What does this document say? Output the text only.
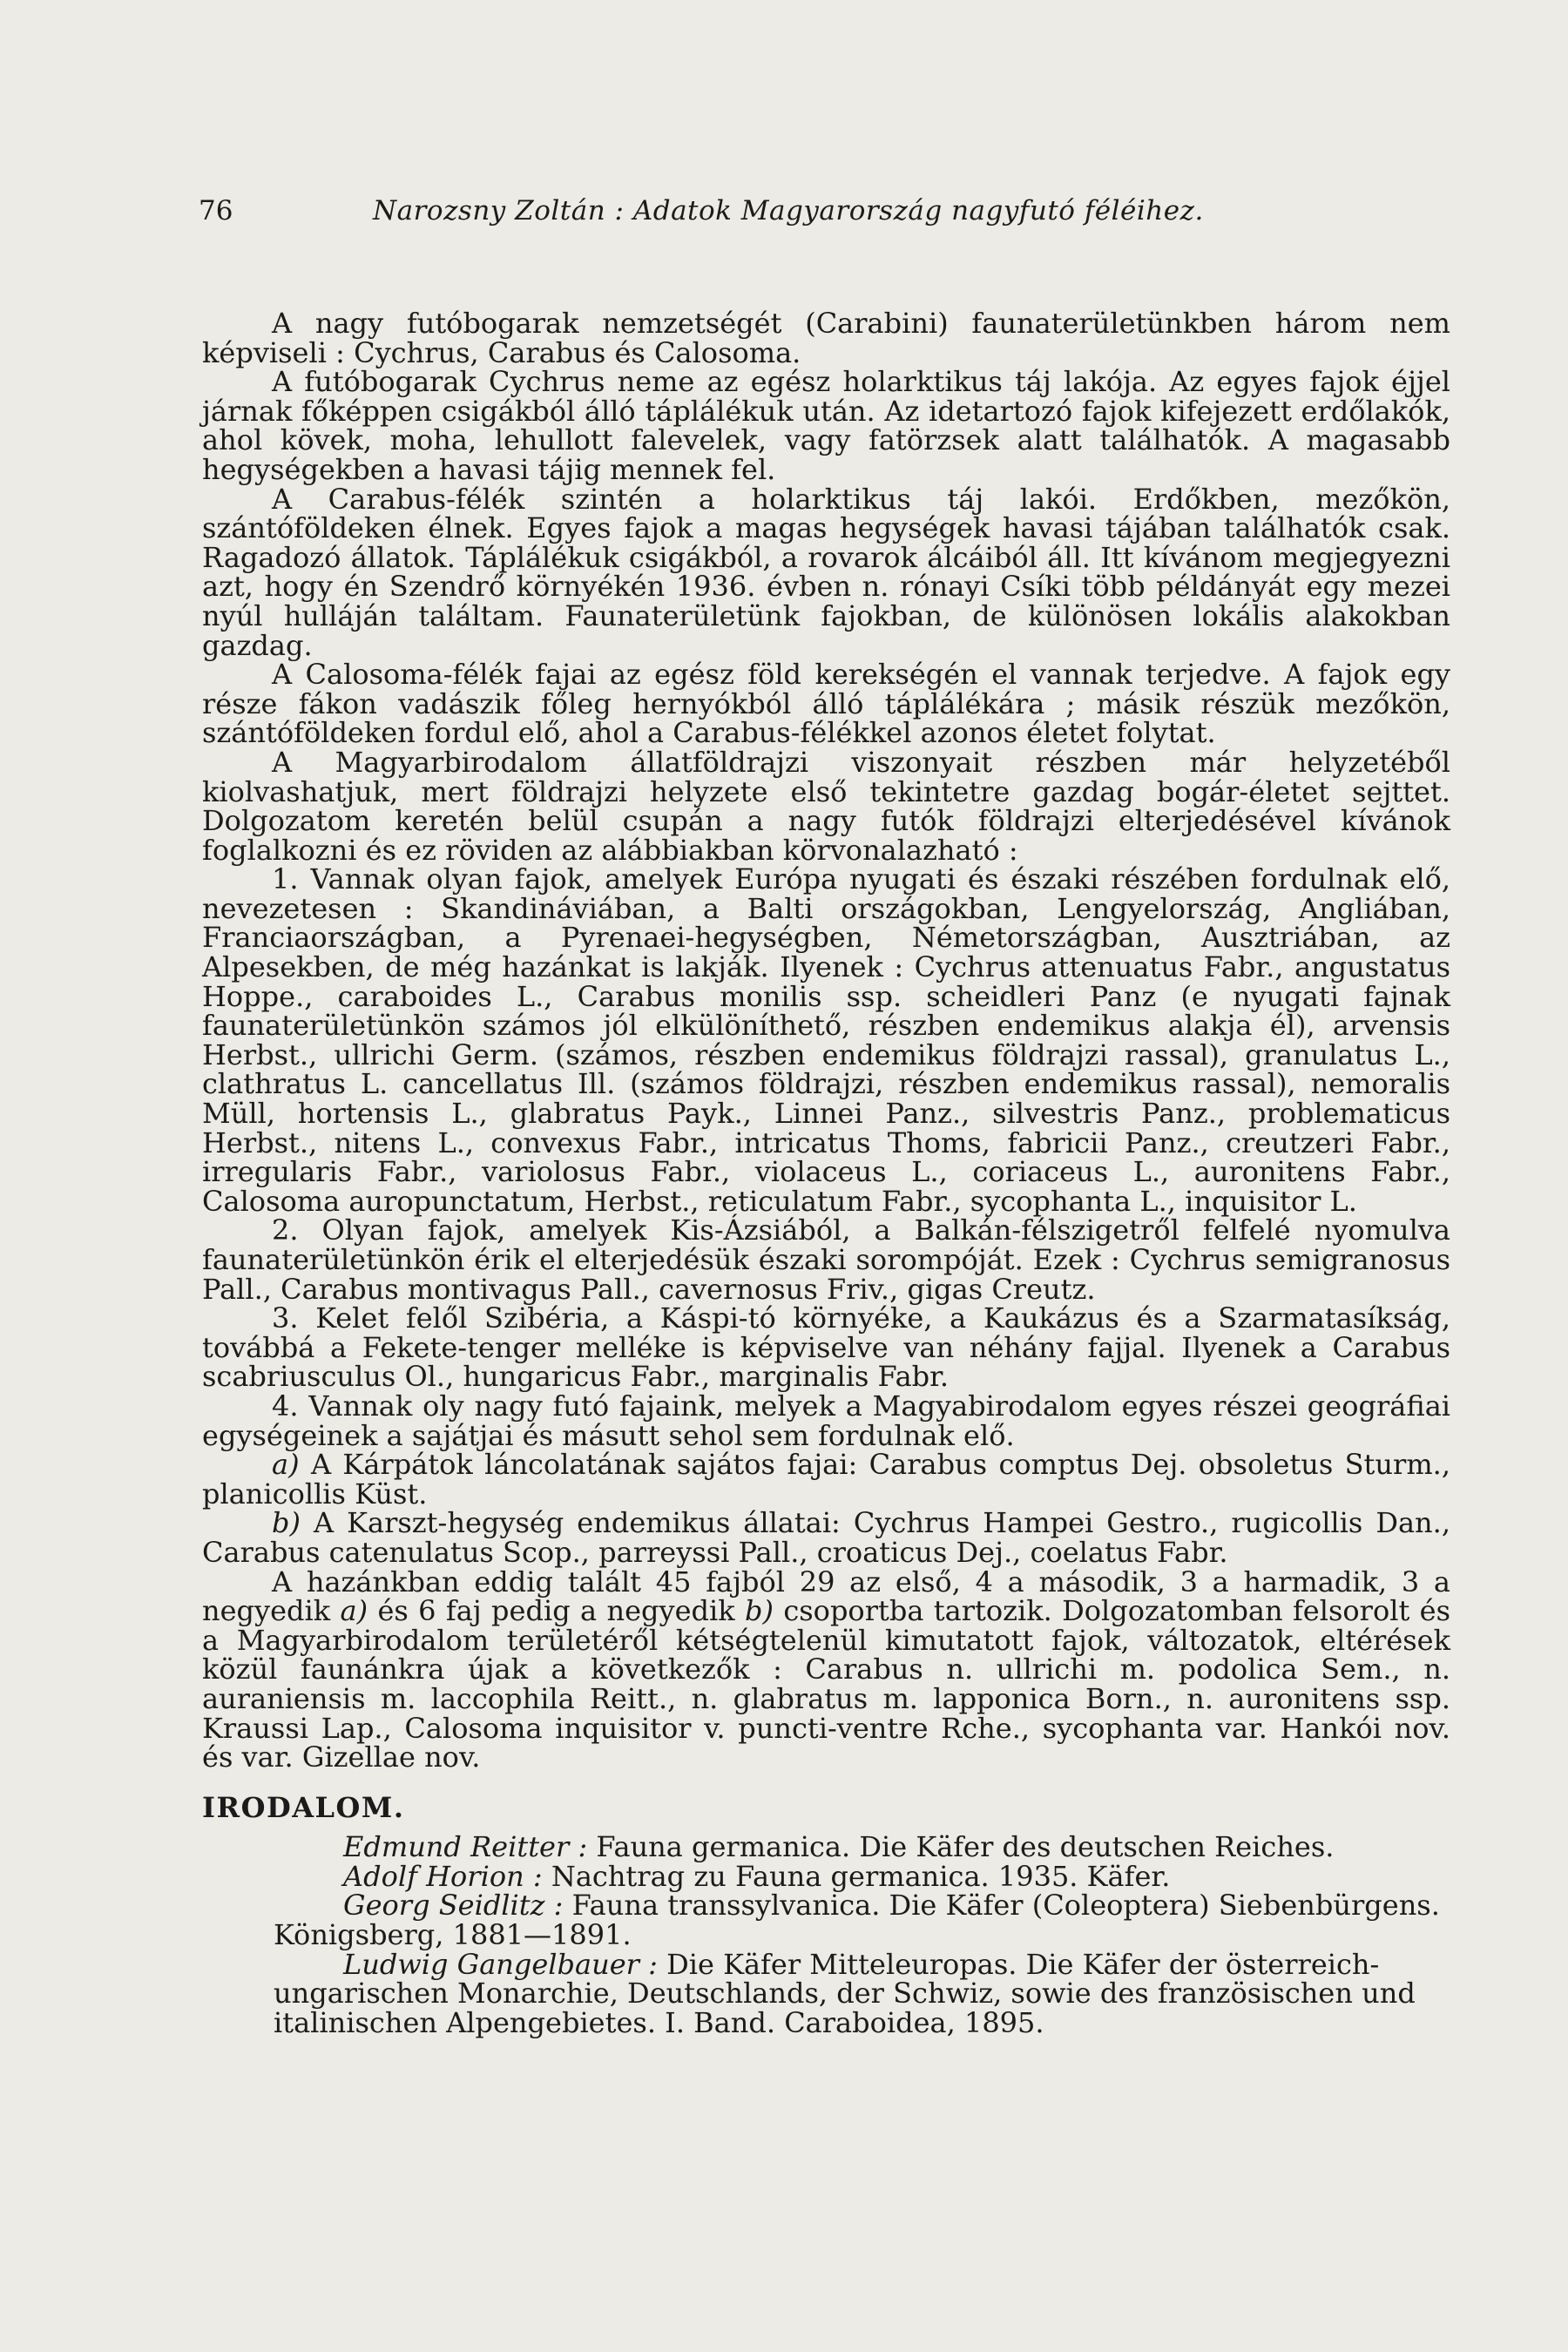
76	Narozsny Zoltán : Adatok Magyarország nagyfutó féléihez.

A nagy futóbogarak nemzetségét (Carabini) faunaterületünkben három nem képviseli : Cychrus, Carabus és Calosoma.

A futóbogarak Cychrus neme az egész holarktikus táj lakója. Az egyes fajok éjjel járnak főképpen csigákból álló táplálékuk után. Az idetartozó fajok kifejezett erdőlakók, ahol kövek, moha, lehullott falevelek, vagy fatörzsek alatt találhatók. A magasabb hegységekben a havasi tájig mennek fel.

A Carabus-félék szintén a holarktikus táj lakói. Erdőkben, mezőkön, szántóföldeken élnek. Egyes fajok a magas hegységek havasi tájában találhatók csak. Ragadozó állatok. Táplálékuk csigákból, a rovarok álcáiból áll. Itt kívánom megjegyezni azt, hogy én Szendrő környékén 1936. évben n. rónayi Csíki több példányát egy mezei nyúl hulláján találtam. Faunaterületünk fajokban, de különösen lokális alakokban gazdag.

A Calosoma-félék fajai az egész föld kerekségén el vannak terjedve. A fajok egy része fákon vadászik főleg hernyókból álló táplálékára ; másik részük mezőkön, szántóföldeken fordul elő, ahol a Carabus-félékkel azonos életet folytat.

A Magyarbirodalom állatföldrajzi viszonyait részben már helyzetéből kiolvashatjuk, mert földrajzi helyzete első tekintetre gazdag bogár-életet sejttet. Dolgozatom keretén belül csupán a nagy futók földrajzi elterjedésével kívánok foglalkozni és ez röviden az alábbiakban körvonalazható :

1. Vannak olyan fajok, amelyek Európa nyugati és északi részében fordulnak elő, nevezetesen : Skandináviában, a Balti országokban, Lengyelország, Angliában, Franciaországban, a Pyrenaei-hegységben, Németországban, Ausztriában, az Alpesekben, de még hazánkat is lakják. Ilyenek : Cychrus attenuatus Fabr., angustatus Hoppe., caraboides L., Carabus monilis ssp. scheidleri Panz (e nyugati fajnak faunaterületünkön számos jól elkülöníthető, részben endemikus alakja él), arvensis Herbst., ullrichi Germ. (számos, részben endemikus földrajzi rassal), granulatus L., clathratus L. cancellatus Ill. (számos földrajzi, részben endemikus rassal), nemoralis Müll, hortensis L., glabratus Payk., Linnei Panz., silvestris Panz., problematicus Herbst., nitens L., convexus Fabr., intricatus Thoms, fabricii Panz., creutzeri Fabr., irregularis Fabr., variolosus Fabr., violaceus L., coriaceus L., auronitens Fabr., Calosoma auropunctatum, Herbst., reticulatum Fabr., sycophanta L., inquisitor L.

2. Olyan fajok, amelyek Kis-Ázsiából, a Balkán-félszigetről felfelé nyomulva faunaterületünkön érik el elterjedésük északi sorompóját. Ezek : Cychrus semigranosus Pall., Carabus montivagus Pall., cavernosus Friv., gigas Creutz.

3. Kelet felől Szibéria, a Káspi-tó környéke, a Kaukázus és a Szarmatasíkság, továbbá a Fekete-tenger melléke is képviselve van néhány fajjal. Ilyenek a Carabus scabriusculus Ol., hungaricus Fabr., marginalis Fabr.

4. Vannak oly nagy futó fajaink, melyek a Magyabirodalom egyes részei geográfiai egységeinek a sajátjai és másutt sehol sem fordulnak elő.

a) A Kárpátok láncolatának sajátos fajai: Carabus comptus Dej. obsoletus Sturm., planicollis Küst.

b) A Karszt-hegység endemikus állatai: Cychrus Hampei Gestro., rugicollis Dan., Carabus catenulatus Scop., parreyssi Pall., croaticus Dej., coelatus Fabr.

A hazánkban eddig talált 45 fajból 29 az első, 4 a második, 3 a harmadik, 3 a negyedik a) és 6 faj pedig a negyedik b) csoportba tartozik. Dolgozatomban felsorolt és a Magyarbirodalom területéről kétségtelenül kimutatott fajok, változatok, eltérések közül faunánkra újak a következők : Carabus n. ullrichi m. podolica Sem., n. auraniensis m. laccophila Reitt., n. glabratus m. lapponica Born., n. auronitens ssp. Kraussi Lap., Calosoma inquisitor v. puncti-ventre Rche., sycophanta var. Hankói nov. és var. Gizellae nov.

IRODALOM.

Edmund Reitter : Fauna germanica. Die Käfer des deutschen Reiches.

Adolf Horion : Nachtrag zu Fauna germanica. 1935. Käfer.

Georg Seidlitz : Fauna transsylvanica. Die Käfer (Coleoptera) Siebenbürgens. Königsberg, 1881—1891.

Ludwig Gangelbauer : Die Käfer Mitteleuropas. Die Käfer der österreich-ungarischen Monarchie, Deutschlands, der Schwiz, sowie des französischen und italinischen Alpengebietes. I. Band. Caraboidea, 1895.
